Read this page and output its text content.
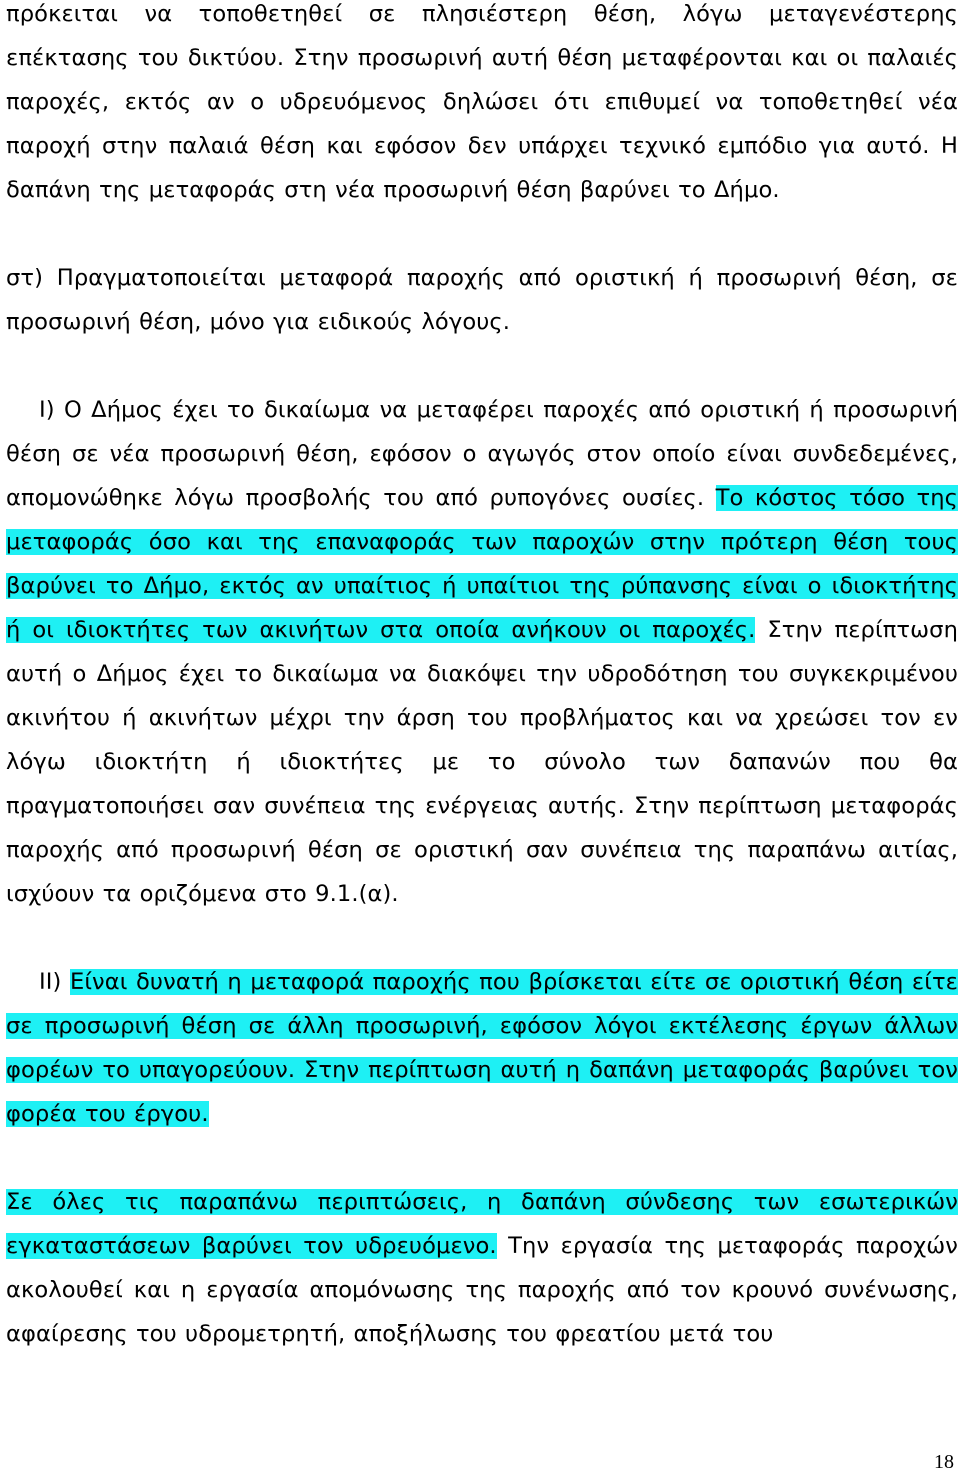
πρόκειται να τοποθετηθεί σε πλησιέστερη θέση, λόγω μεταγενέστερης επέκτασης του δικτύου. Στην προσωρινή αυτή θέση μεταφέρονται και οι παλαιές παροχές, εκτός αν ο υδρευόμενος δηλώσει ότι επιθυμεί να τοποθετηθεί νέα παροχή στην παλαιά θέση και εφόσον δεν υπάρχει τεχνικό εμπόδιο για αυτό. Η δαπάνη της μεταφοράς στη νέα προσωρινή θέση βαρύνει το Δήμο.

στ) Πραγματοποιείται μεταφορά παροχής από οριστική ή προσωρινή θέση, σε προσωρινή θέση, μόνο για ειδικούς λόγους.

Ι) Ο Δήμος έχει το δικαίωμα να μεταφέρει παροχές από οριστική ή προσωρινή θέση σε νέα προσωρινή θέση, εφόσον ο αγωγός στον οποίο είναι συνδεδεμένες, απομονώθηκε λόγω προσβολής του από ρυπογόνες ουσίες. Το κόστος τόσο της μεταφοράς όσο και της επαναφοράς των παροχών στην πρότερη θέση τους βαρύνει το Δήμο, εκτός αν υπαίτιος ή υπαίτιοι της ρύπανσης είναι ο ιδιοκτήτης ή οι ιδιοκτήτες των ακινήτων στα οποία ανήκουν οι παροχές. Στην περίπτωση αυτή ο Δήμος έχει το δικαίωμα να διακόψει την υδροδότηση του συγκεκριμένου ακινήτου ή ακινήτων μέχρι την άρση του προβλήματος και να χρεώσει τον εν λόγω ιδιοκτήτη ή ιδιοκτήτες με το σύνολο των δαπανών που θα πραγματοποιήσει σαν συνέπεια της ενέργειας αυτής. Στην περίπτωση μεταφοράς παροχής από προσωρινή θέση σε οριστική σαν συνέπεια της παραπάνω αιτίας, ισχύουν τα οριζόμενα στο 9.1.(α).

ΙΙ) Είναι δυνατή η μεταφορά παροχής που βρίσκεται είτε σε οριστική θέση είτε σε προσωρινή θέση σε άλλη προσωρινή, εφόσον λόγοι εκτέλεσης έργων άλλων φορέων το υπαγορεύουν. Στην περίπτωση αυτή η δαπάνη μεταφοράς βαρύνει τον φορέα του έργου.

Σε όλες τις παραπάνω περιπτώσεις, η δαπάνη σύνδεσης των εσωτερικών εγκαταστάσεων βαρύνει τον υδρευόμενο. Την εργασία της μεταφοράς παροχών ακολουθεί και η εργασία απομόνωσης της παροχής από τον κρουνό συνένωσης, αφαίρεσης του υδρομετρητή, αποξήλωσης του φρεατίου μετά του

18
